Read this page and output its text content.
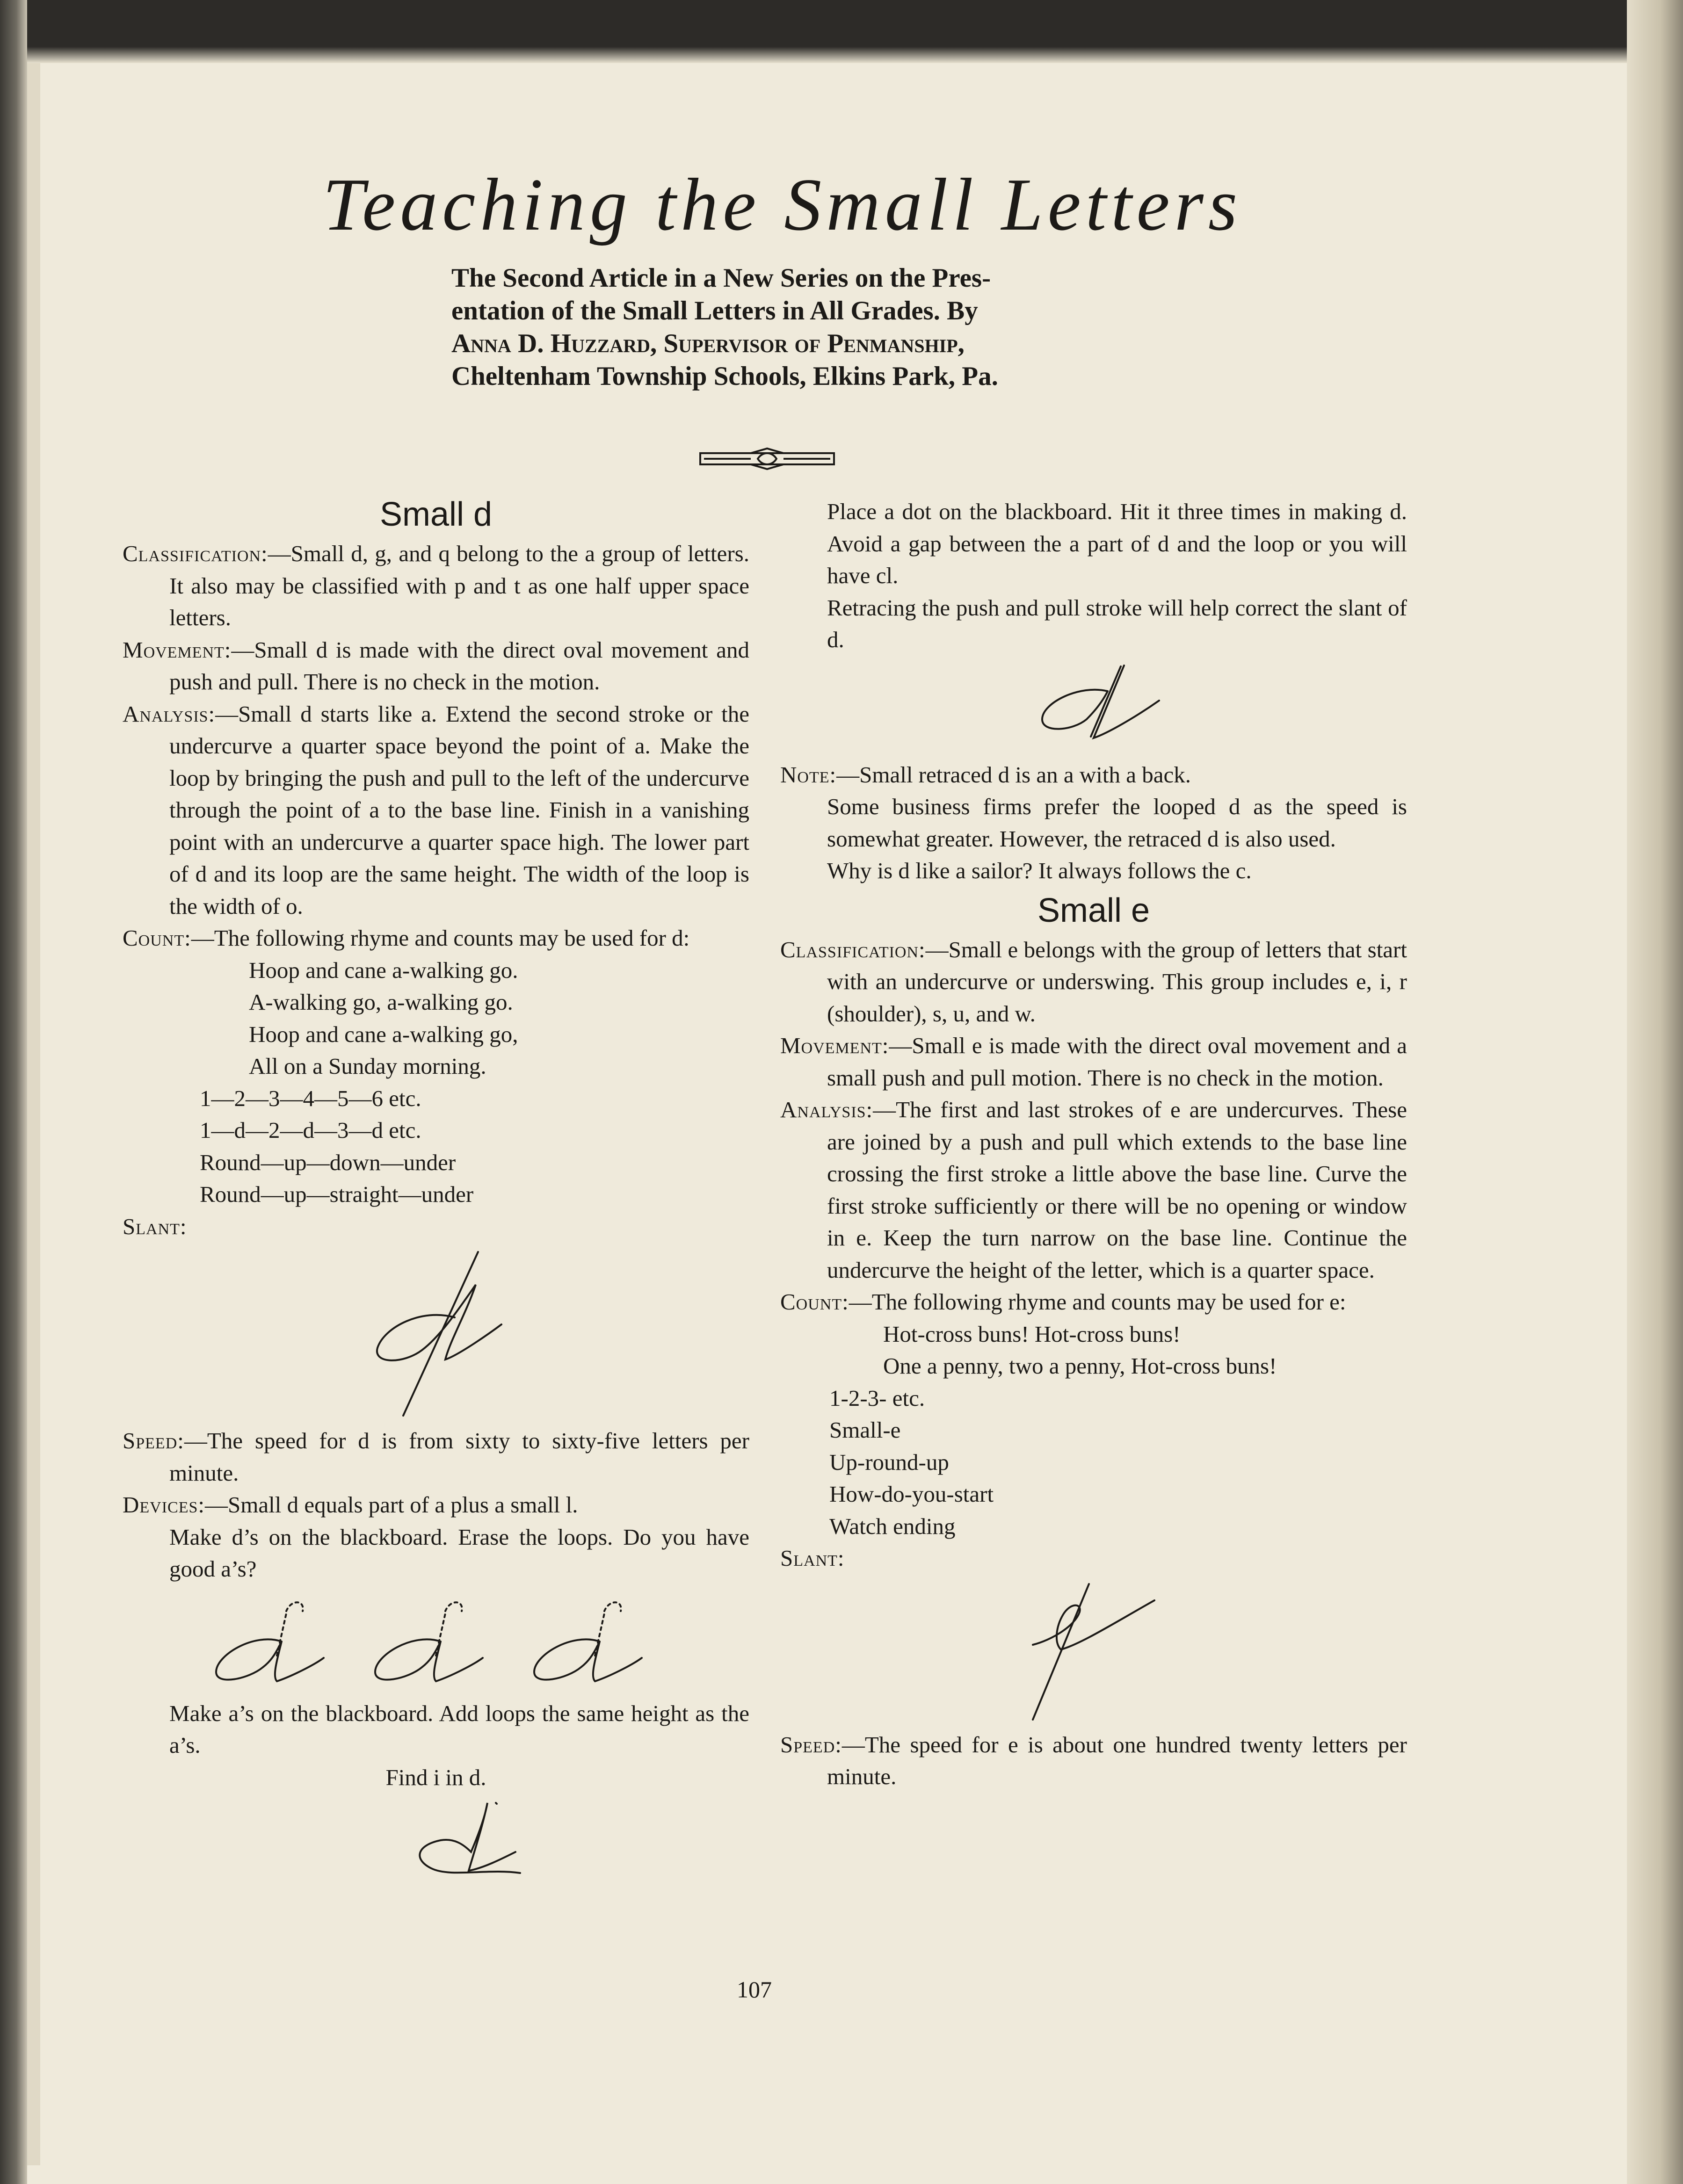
Teaching the Small Letters
The Second Article in a New Series on the Pres-
entation of the Small Letters in All Grades. By
Anna D. Huzzard, Supervisor of Penmanship,
Cheltenham Township Schools, Elkins Park, Pa.
Small d

Classification:—Small d, g, and q belong to the a group of letters. It also may be classified with p and t as one half upper space letters.

Movement:—Small d is made with the direct oval movement and push and pull. There is no check in the motion.

Analysis:—Small d starts like a. Extend the second stroke or the undercurve a quarter space beyond the point of a. Make the loop by bringing the push and pull to the left of the undercurve through the point of a to the base line. Finish in a vanishing point with an undercurve a quarter space high. The lower part of d and its loop are the same height. The width of the loop is the width of o.

Count:—The following rhyme and counts may be used for d:

Hoop and cane a-walking go.
A-walking go, a-walking go.
Hoop and cane a-walking go,
All on a Sunday morning.
1—2—3—4—5—6 etc.
1—d—2—d—3—d etc.
Round—up—down—under
Round—up—straight—under

Slant:

Speed:—The speed for d is from sixty to sixty-five letters per minute.

Devices:—Small d equals part of a plus a small l.

Make d’s on the blackboard. Erase the loops. Do you have good a’s?

Make a’s on the blackboard. Add loops the same height as the a’s.

Find i in d.

Place a dot on the blackboard. Hit it three times in making d. Avoid a gap between the a part of d and the loop or you will have cl.

Retracing the push and pull stroke will help correct the slant of d.

Note:—Small retraced d is an a with a back.

Some business firms prefer the looped d as the speed is somewhat greater. However, the retraced d is also used.

Why is d like a sailor? It always follows the c.

Small e

Classification:—Small e belongs with the group of letters that start with an undercurve or underswing. This group includes e, i, r (shoulder), s, u, and w.

Movement:—Small e is made with the direct oval movement and a small push and pull motion. There is no check in the motion.

Analysis:—The first and last strokes of e are undercurves. These are joined by a push and pull which extends to the base line crossing the first stroke a little above the base line. Curve the first stroke sufficiently or there will be no opening or window in e. Keep the turn narrow on the base line. Continue the undercurve the height of the letter, which is a quarter space.

Count:—The following rhyme and counts may be used for e:

Hot-cross buns! Hot-cross buns!
One a penny, two a penny, Hot-cross buns!
1-2-3- etc.
Small-e
Up-round-up
How-do-you-start
Watch ending

Slant:

Speed:—The speed for e is about one hundred twenty letters per minute.

107
